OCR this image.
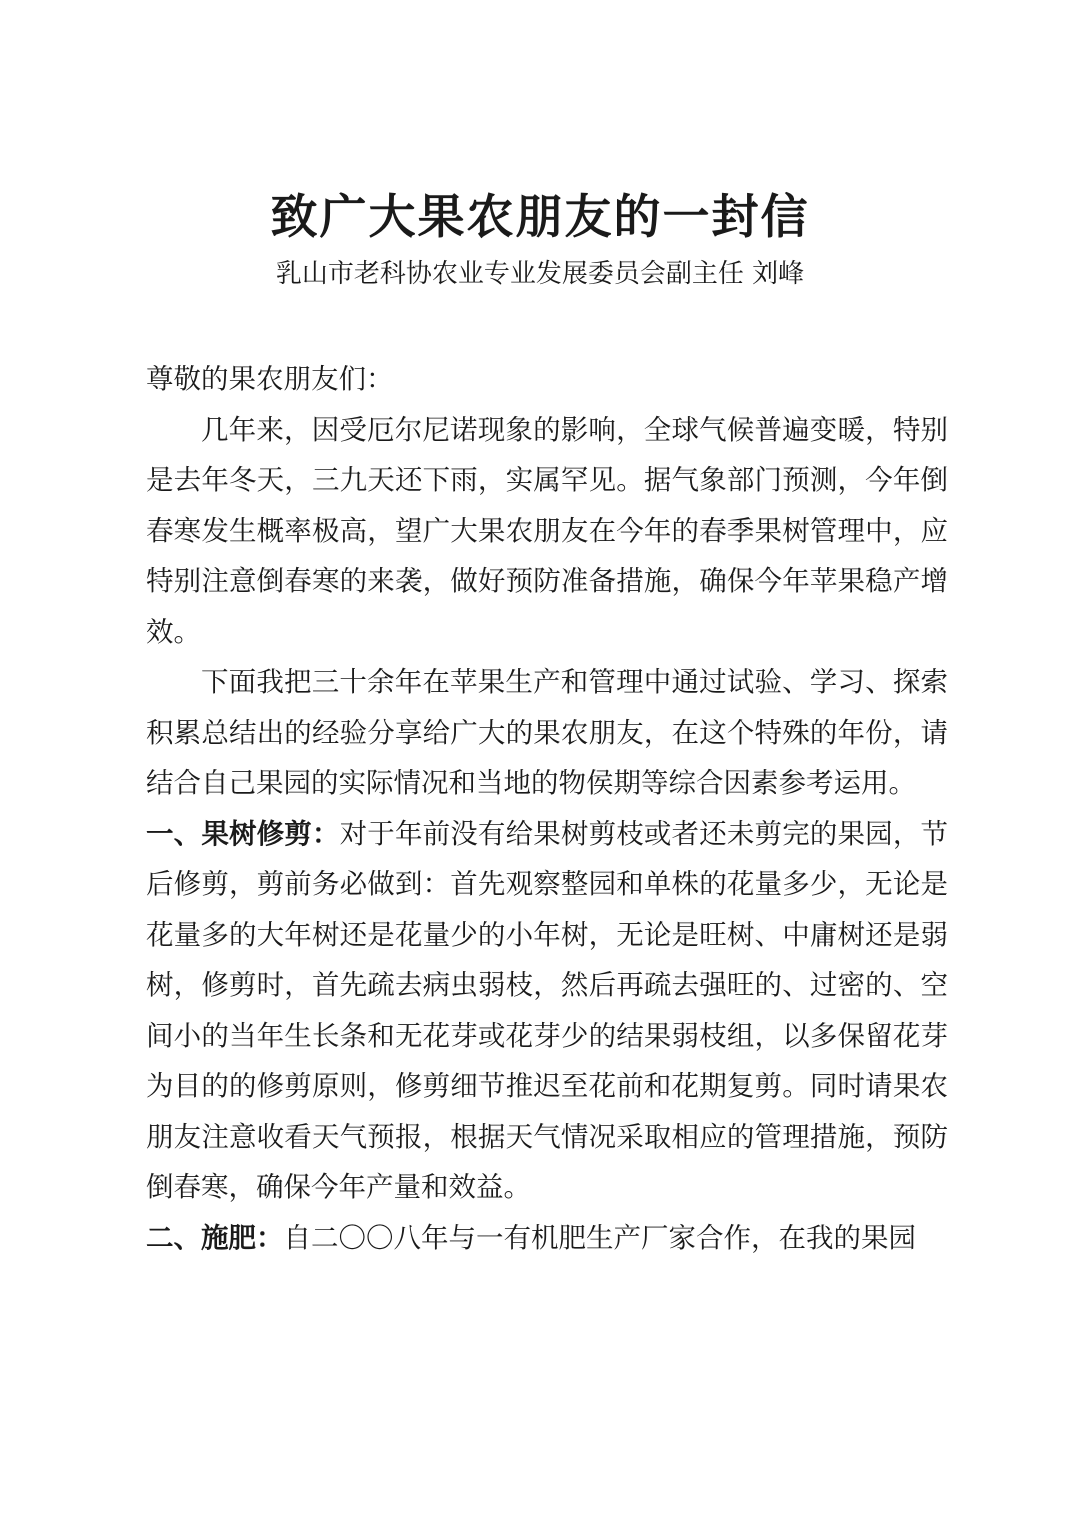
致广大果农朋友的一封信
乳山市老科协农业专业发展委员会副主任 刘峰

尊敬的果农朋友们：

几年来，因受厄尔尼诺现象的影响，全球气候普遍变暖，特别是去年冬天，三九天还下雨，实属罕见。据气象部门预测，今年倒春寒发生概率极高，望广大果农朋友在今年的春季果树管理中，应特别注意倒春寒的来袭，做好预防准备措施，确保今年苹果稳产增效。

下面我把三十余年在苹果生产和管理中通过试验、学习、探索积累总结出的经验分享给广大的果农朋友，在这个特殊的年份，请结合自己果园的实际情况和当地的物侯期等综合因素参考运用。

一、果树修剪：对于年前没有给果树剪枝或者还未剪完的果园，节后修剪，剪前务必做到：首先观察整园和单株的花量多少，无论是花量多的大年树还是花量少的小年树，无论是旺树、中庸树还是弱树，修剪时，首先疏去病虫弱枝，然后再疏去强旺的、过密的、空间小的当年生长条和无花芽或花芽少的结果弱枝组，以多保留花芽为目的的修剪原则，修剪细节推迟至花前和花期复剪。同时请果农朋友注意收看天气预报，根据天气情况采取相应的管理措施，预防倒春寒，确保今年产量和效益。

二、施肥：自二〇〇八年与一有机肥生产厂家合作，在我的果园
